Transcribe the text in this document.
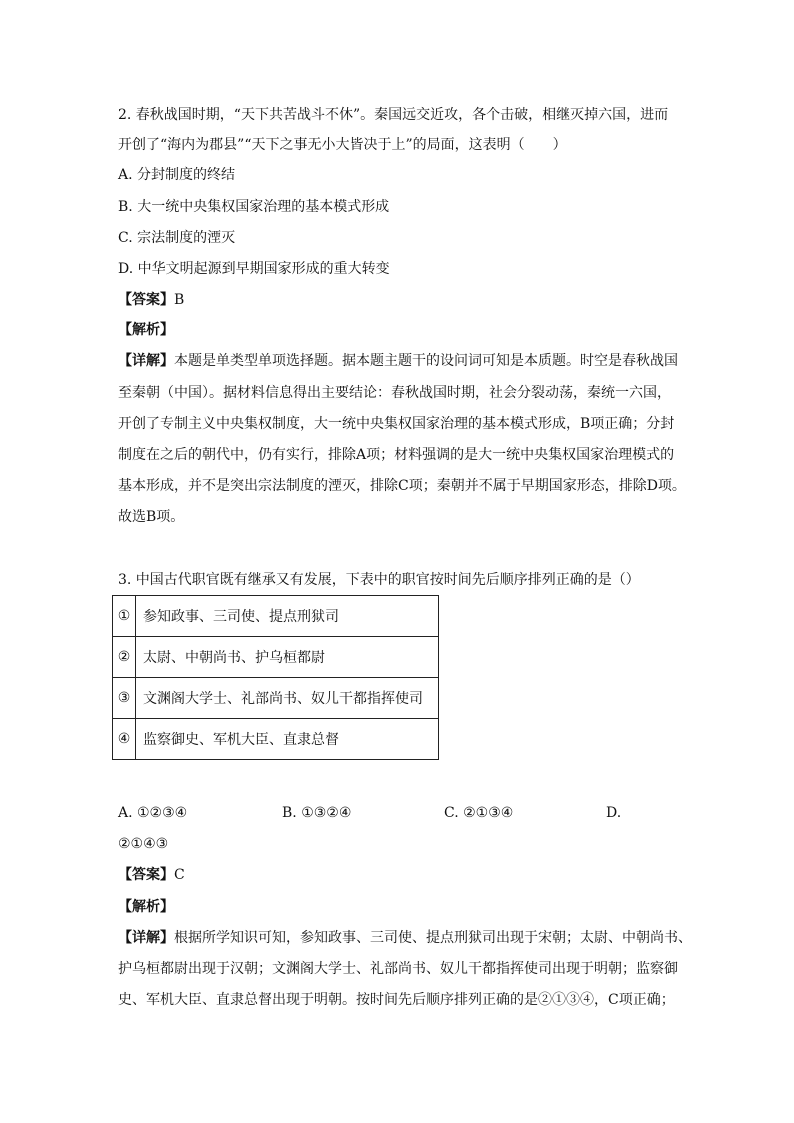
2. 春秋战国时期，“天下共苦战斗不休”。秦国远交近攻，各个击破，相继灭掉六国，进而
开创了“海内为郡县”“天下之事无小大皆决于上”的局面，这表明（　　）
A. 分封制度的终结
B. 大一统中央集权国家治理的基本模式形成
C. 宗法制度的湮灭
D. 中华文明起源到早期国家形成的重大转变
【答案】B
【解析】
【详解】本题是单类型单项选择题。据本题主题干的设问词可知是本质题。时空是春秋战国
至秦朝（中国）。据材料信息得出主要结论：春秋战国时期，社会分裂动荡，秦统一六国，
开创了专制主义中央集权制度，大一统中央集权国家治理的基本模式形成，B项正确；分封
制度在之后的朝代中，仍有实行，排除A项；材料强调的是大一统中央集权国家治理模式的
基本形成，并不是突出宗法制度的湮灭，排除C项；秦朝并不属于早期国家形态，排除D项。
故选B项。
3. 中国古代职官既有继承又有发展，下表中的职官按时间先后顺序排列正确的是（）
①	参知政事、三司使、提点刑狱司
②	太尉、中朝尚书、护乌桓都尉
③	文渊阁大学士、礼部尚书、奴儿干都指挥使司
④	监察御史、军机大臣、直隶总督
A. ①②③④	B. ①③②④	C. ②①③④	D.
②①④③
【答案】C
【解析】
【详解】根据所学知识可知，参知政事、三司使、提点刑狱司出现于宋朝；太尉、中朝尚书、
护乌桓都尉出现于汉朝；文渊阁大学士、礼部尚书、奴儿干都指挥使司出现于明朝；监察御
史、军机大臣、直隶总督出现于明朝。按时间先后顺序排列正确的是②①③④，C项正确；
